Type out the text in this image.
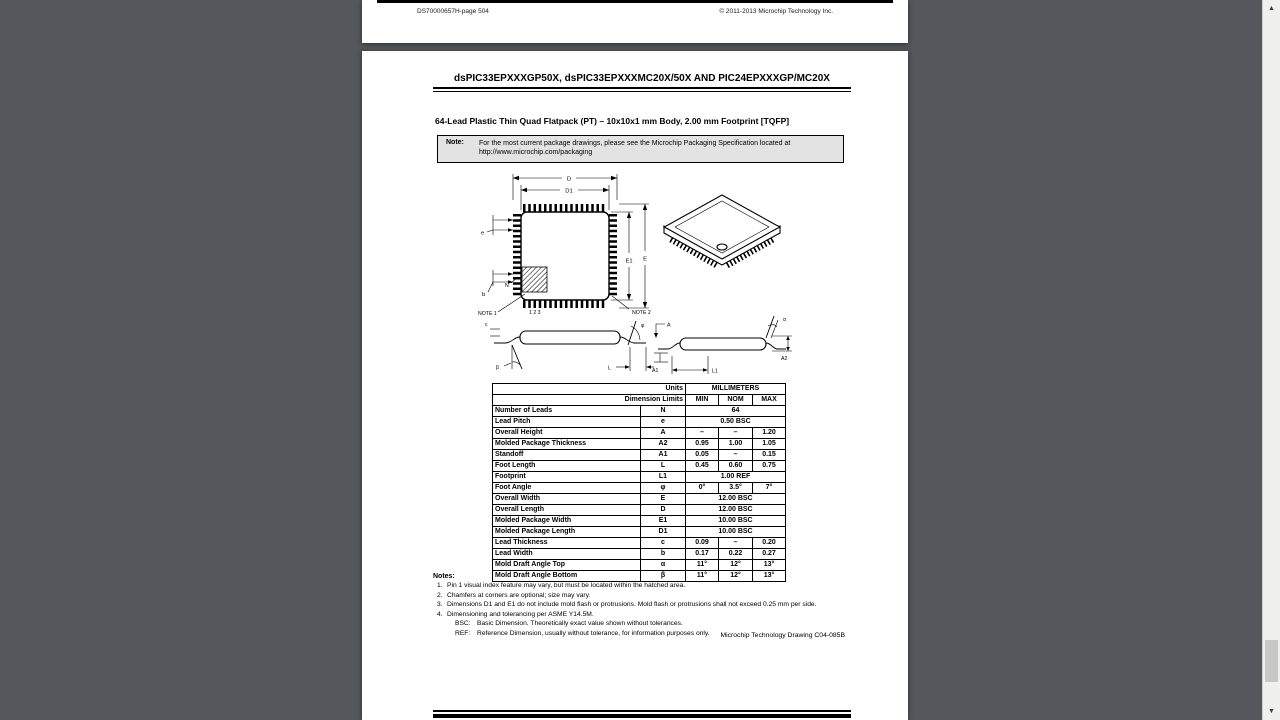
DS70000657H-page 504	© 2011-2013 Microchip Technology Inc.
dsPIC33EPXXXGP50X, dsPIC33EPXXXMC20X/50X AND PIC24EPXXXGP/MC20X
64-Lead Plastic Thin Quad Flatpack (PT) – 10x10x1 mm Body, 2.00 mm Footprint [TQFP]
Note:	For the most current package drawings, please see the Microchip Packaging Specification located at
http://www.microchip.com/packaging
D
D1
E
E1
e
b
N
NOTE 1	1 2 3	NOTE 2
c
β
φ
L
A
α
A2
A1	L1
Units		MILLIMETERS		
Dimension Limits		MIN	NOM	MAX
Number of Leads	N	64		
Lead Pitch	e	0.50 BSC		
Overall Height	A	–	–	1.20
Molded Package Thickness	A2	0.95	1.00	1.05
Standoff	A1	0.05	–	0.15
Foot Length	L	0.45	0.60	0.75
Footprint	L1	1.00 REF		
Foot Angle	φ	0°	3.5°	7°
Overall Width	E	12.00 BSC		
Overall Length	D	12.00 BSC		
Molded Package Width	E1	10.00 BSC		
Molded Package Length	D1	10.00 BSC		
Lead Thickness	c	0.09	–	0.20
Lead Width	b	0.17	0.22	0.27
Mold Draft Angle Top	α	11°	12°	13°
Mold Draft Angle Bottom	β	11°	12°	13°
Notes:
1. Pin 1 visual index feature may vary, but must be located within the hatched area.
2. Chamfers at corners are optional; size may vary.
3. Dimensions D1 and E1 do not include mold flash or protrusions. Mold flash or protrusions shall not exceed 0.25 mm per side.
4. Dimensioning and tolerancing per ASME Y14.5M.
BSC: Basic Dimension. Theoretically exact value shown without tolerances.
REF: Reference Dimension, usually without tolerance, for information purposes only.	Microchip Technology Drawing C04-085B
▲
▼
